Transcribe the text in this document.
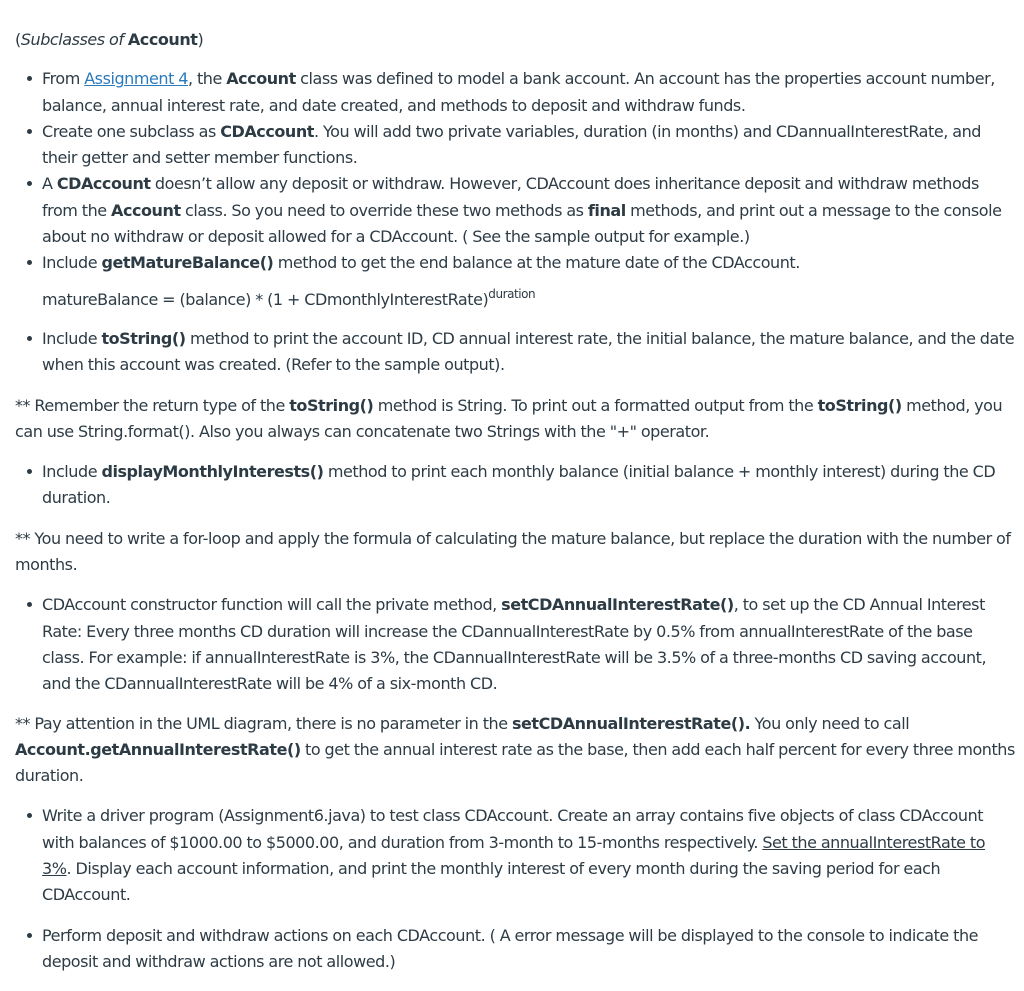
(Subclasses of Account)

From Assignment 4, the Account class was defined to model a bank account. An account has the properties account number, balance, annual interest rate, and date created, and methods to deposit and withdraw funds.
Create one subclass as CDAccount. You will add two private variables, duration (in months) and CDannualInterestRate, and their getter and setter member functions.
A CDAccount doesn’t allow any deposit or withdraw. However, CDAccount does inheritance deposit and withdraw methods from the Account class. So you need to override these two methods as final methods, and print out a message to the console about no withdraw or deposit allowed for a CDAccount. ( See the sample output for example.)
Include getMatureBalance() method to get the end balance at the mature date of the CDAccount.

matureBalance = (balance) * (1 + CDmonthlyInterestRate)$^{duration}$

Include toString() method to print the account ID, CD annual interest rate, the initial balance, the mature balance, and the date when this account was created. (Refer to the sample output).

** Remember the return type of the toString() method is String. To print out a formatted output from the toString() method, you can use String.format(). Also you always can concatenate two Strings with the "+" operator.

Include displayMonthlyInterests() method to print each monthly balance (initial balance + monthly interest) during the CD duration.

** You need to write a for-loop and apply the formula of calculating the mature balance, but replace the duration with the number of months.

CDAccount constructor function will call the private method, setCDAnnualInterestRate(), to set up the CD Annual Interest Rate: Every three months CD duration will increase the CDannualInterestRate by 0.5% from annualInterestRate of the base class. For example: if annualInterestRate is 3%, the CDannualInterestRate will be 3.5% of a three-months CD saving account, and the CDannualInterestRate will be 4% of a six-month CD.

** Pay attention in the UML diagram, there is no parameter in the setCDAnnualInterestRate(). You only need to call Account.getAnnualInterestRate() to get the annual interest rate as the base, then add each half percent for every three months duration.

Write a driver program (Assignment6.java) to test class CDAccount. Create an array contains five objects of class CDAccount with balances of $1000.00 to $5000.00, and duration from 3-month to 15-months respectively. Set the annualInterestRate to 3%. Display each account information, and print the monthly interest of every month during the saving period for each CDAccount.
Perform deposit and withdraw actions on each CDAccount. ( A error message will be displayed to the console to indicate the deposit and withdraw actions are not allowed.)
